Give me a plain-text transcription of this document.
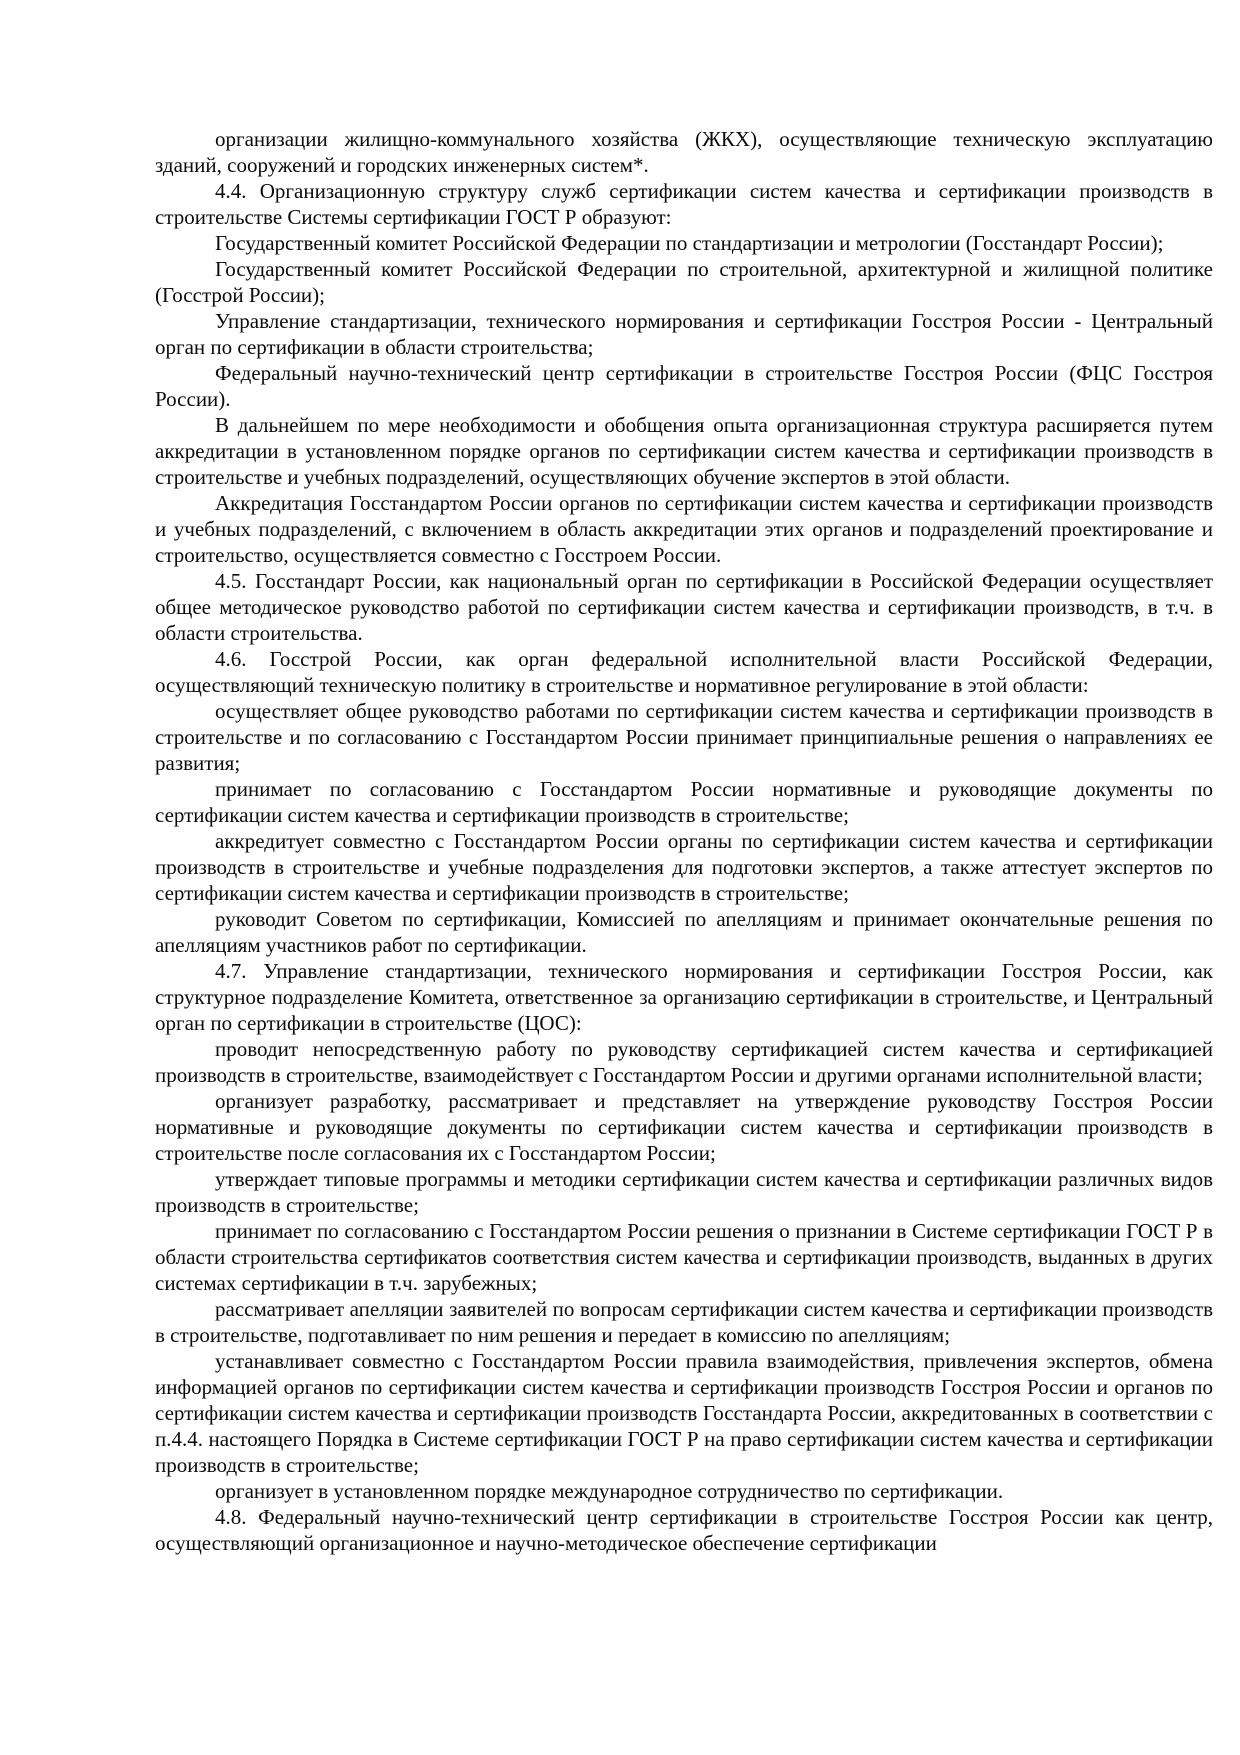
организации жилищно-коммунального хозяйства (ЖКХ), осуществляющие техническую эксплуатацию зданий, сооружений и городских инженерных систем*.

4.4. Организационную структуру служб сертификации систем качества и сертификации производств в строительстве Системы сертификации ГОСТ Р образуют:

Государственный комитет Российской Федерации по стандартизации и метрологии (Госстандарт России);

Государственный комитет Российской Федерации по строительной, архитектурной и жилищной политике (Госстрой России);

Управление стандартизации, технического нормирования и сертификации Госстроя России - Центральный орган по сертификации в области строительства;

Федеральный научно-технический центр сертификации в строительстве Госстроя России (ФЦС Госстроя России).

В дальнейшем по мере необходимости и обобщения опыта организационная структура расширяется путем аккредитации в установленном порядке органов по сертификации систем качества и сертификации производств в строительстве и учебных подразделений, осуществляющих обучение экспертов в этой области.

Аккредитация Госстандартом России органов по сертификации систем качества и сертификации производств и учебных подразделений, с включением в область аккредитации этих органов и подразделений проектирование и строительство, осуществляется совместно с Госстроем России.

4.5. Госстандарт России, как национальный орган по сертификации в Российской Федерации осуществляет общее методическое руководство работой по сертификации систем качества и сертификации производств, в т.ч. в области строительства.

4.6. Госстрой России, как орган федеральной исполнительной власти Российской Федерации, осуществляющий техническую политику в строительстве и нормативное регулирование в этой области:

осуществляет общее руководство работами по сертификации систем качества и сертификации производств в строительстве и по согласованию с Госстандартом России принимает принципиальные решения о направлениях ее развития;

принимает по согласованию с Госстандартом России нормативные и руководящие документы по сертификации систем качества и сертификации производств в строительстве;

аккредитует совместно с Госстандартом России органы по сертификации систем качества и сертификации производств в строительстве и учебные подразделения для подготовки экспертов, а также аттестует экспертов по сертификации систем качества и сертификации производств в строительстве;

руководит Советом по сертификации, Комиссией по апелляциям и принимает окончательные решения по апелляциям участников работ по сертификации.

4.7. Управление стандартизации, технического нормирования и сертификации Госстроя России, как структурное подразделение Комитета, ответственное за организацию сертификации в строительстве, и Центральный орган по сертификации в строительстве (ЦОС):

проводит непосредственную работу по руководству сертификацией систем качества и сертификацией производств в строительстве, взаимодействует с Госстандартом России и другими органами исполнительной власти;

организует разработку, рассматривает и представляет на утверждение руководству Госстроя России нормативные и руководящие документы по сертификации систем качества и сертификации производств в строительстве после согласования их с Госстандартом России;

утверждает типовые программы и методики сертификации систем качества и сертификации различных видов производств в строительстве;

принимает по согласованию с Госстандартом России решения о признании в Системе сертификации ГОСТ Р в области строительства сертификатов соответствия систем качества и сертификации производств, выданных в других системах сертификации в т.ч. зарубежных;

рассматривает апелляции заявителей по вопросам сертификации систем качества и сертификации производств в строительстве, подготавливает по ним решения и передает в комиссию по апелляциям;

устанавливает совместно с Госстандартом России правила взаимодействия, привлечения экспертов, обмена информацией органов по сертификации систем качества и сертификации производств Госстроя России и органов по сертификации систем качества и сертификации производств Госстандарта России, аккредитованных в соответствии с п.4.4. настоящего Порядка в Системе сертификации ГОСТ Р на право сертификации систем качества и сертификации производств в строительстве;

организует в установленном порядке международное сотрудничество по сертификации.

4.8. Федеральный научно-технический центр сертификации в строительстве Госстроя России как центр, осуществляющий организационное и научно-методическое обеспечение сертификации
